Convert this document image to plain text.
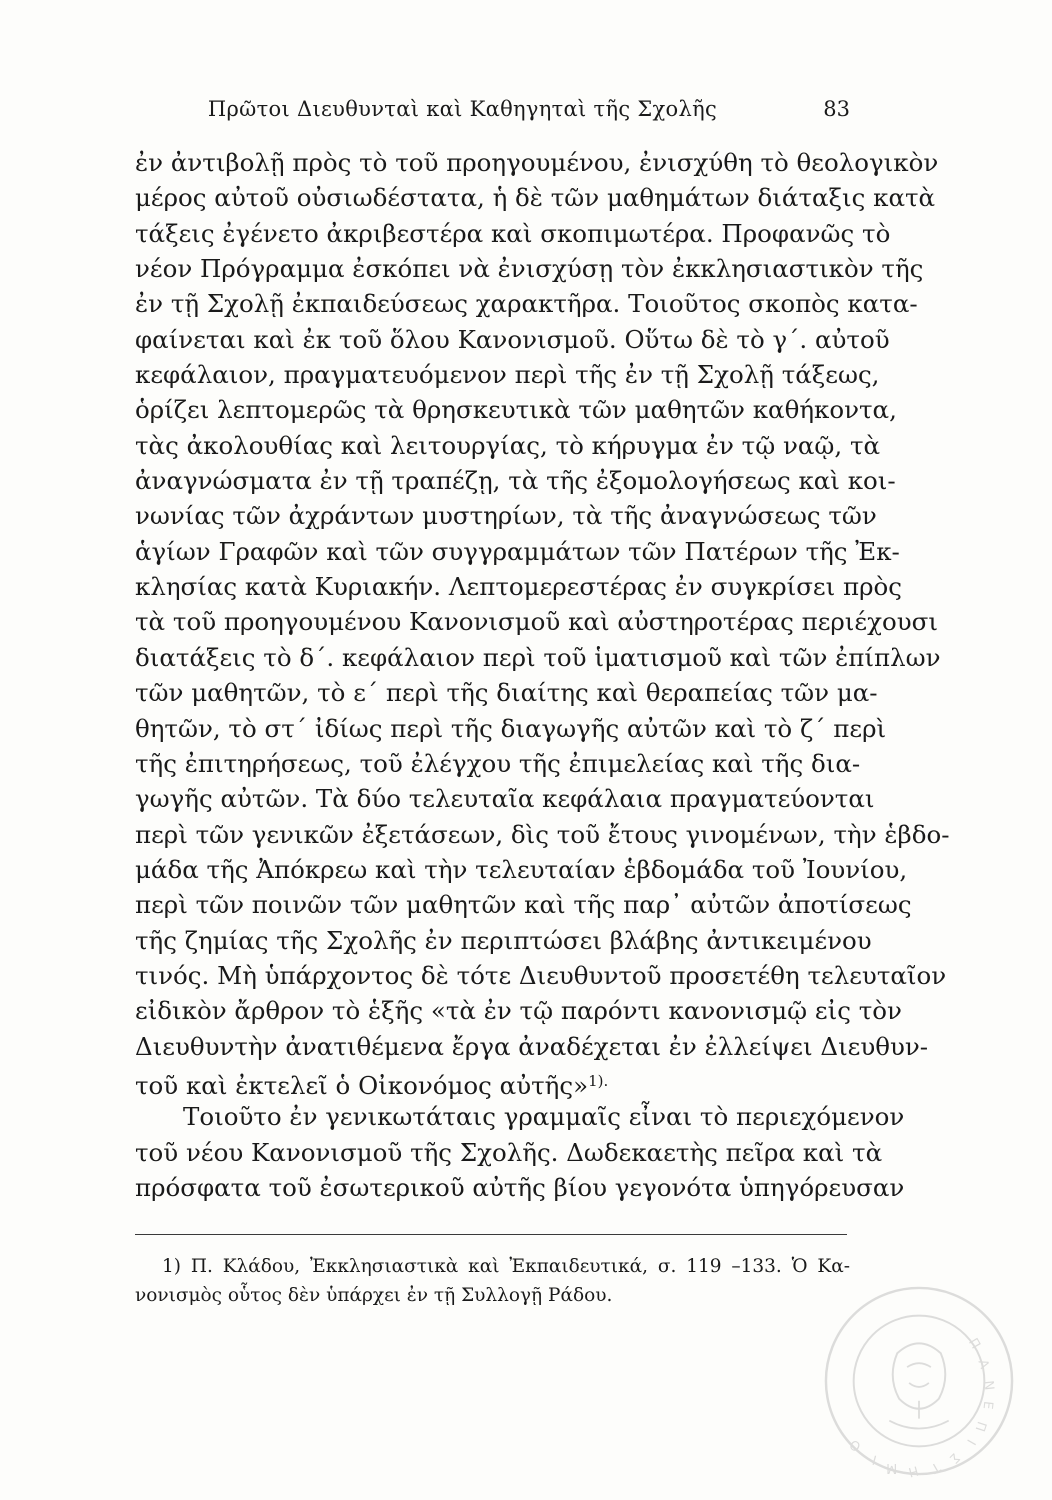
Πρῶτοι Διευθυνταὶ καὶ Καθηγηταὶ τῆς Σχολῆς	83
ἐν ἀντιβολῇ πρὸς τὸ τοῦ προηγουμένου, ἐνισχύθη τὸ θεολογικὸν
μέρος αὐτοῦ οὐσιωδέστατα, ἡ δὲ τῶν μαθημάτων διάταξις κατὰ
τάξεις ἐγένετο ἀκριβεστέρα καὶ σκοπιμωτέρα. Προφανῶς τὸ
νέον Πρόγραμμα ἐσκόπει νὰ ἐνισχύσῃ τὸν ἐκκλησιαστικὸν τῆς
ἐν τῇ Σχολῇ ἐκπαιδεύσεως χαρακτῆρα. Τοιοῦτος σκοπὸς κατα-
φαίνεται καὶ ἐκ τοῦ ὅλου Κανονισμοῦ. Οὕτω δὲ τὸ γ΄. αὐτοῦ
κεφάλαιον, πραγματευόμενον περὶ τῆς ἐν τῇ Σχολῇ τάξεως,
ὁρίζει λεπτομερῶς τὰ θρησκευτικὰ τῶν μαθητῶν καθήκοντα,
τὰς ἀκολουθίας καὶ λειτουργίας, τὸ κήρυγμα ἐν τῷ ναῷ, τὰ
ἀναγνώσματα ἐν τῇ τραπέζῃ, τὰ τῆς ἐξομολογήσεως καὶ κοι-
νωνίας τῶν ἀχράντων μυστηρίων, τὰ τῆς ἀναγνώσεως τῶν
ἁγίων Γραφῶν καὶ τῶν συγγραμμάτων τῶν Πατέρων τῆς Ἐκ-
κλησίας κατὰ Κυριακήν. Λεπτομερεστέρας ἐν συγκρίσει πρὸς
τὰ τοῦ προηγουμένου Κανονισμοῦ καὶ αὐστηροτέρας περιέχουσι
διατάξεις τὸ δ΄. κεφάλαιον περὶ τοῦ ἱματισμοῦ καὶ τῶν ἐπίπλων
τῶν μαθητῶν, τὸ ε΄ περὶ τῆς διαίτης καὶ θεραπείας τῶν μα-
θητῶν, τὸ στ΄ ἰδίως περὶ τῆς διαγωγῆς αὐτῶν καὶ τὸ ζ΄ περὶ
τῆς ἐπιτηρήσεως, τοῦ ἐλέγχου τῆς ἐπιμελείας καὶ τῆς δια-
γωγῆς αὐτῶν. Τὰ δύο τελευταῖα κεφάλαια πραγματεύονται
περὶ τῶν γενικῶν ἐξετάσεων, δὶς τοῦ ἔτους γινομένων, τὴν ἑβδο-
μάδα τῆς Ἀπόκρεω καὶ τὴν τελευταίαν ἑβδομάδα τοῦ Ἰουνίου,
περὶ τῶν ποινῶν τῶν μαθητῶν καὶ τῆς παρ᾽ αὐτῶν ἀποτίσεως
τῆς ζημίας τῆς Σχολῆς ἐν περιπτώσει βλάβης ἀντικειμένου
τινός. Μὴ ὑπάρχοντος δὲ τότε Διευθυντοῦ προσετέθη τελευταῖον
εἰδικὸν ἄρθρον τὸ ἑξῆς «τὰ ἐν τῷ παρόντι κανονισμῷ εἰς τὸν
Διευθυντὴν ἀνατιθέμενα ἔργα ἀναδέχεται ἐν ἐλλείψει Διευθυν-
τοῦ καὶ ἐκτελεῖ ὁ Οἰκονόμος αὐτῆς»$^{1).}$
Τοιοῦτο ἐν γενικωτάταις γραμμαῖς εἶναι τὸ περιεχόμενον
τοῦ νέου Κανονισμοῦ τῆς Σχολῆς. Δωδεκαετὴς πεῖρα καὶ τὰ
πρόσφατα τοῦ ἐσωτερικοῦ αὐτῆς βίου γεγονότα ὑπηγόρευσαν
1) Π. Κλάδου, Ἐκκλησιαστικὰ καὶ Ἐκπαιδευτικά, σ. 119 –133. Ὁ Κα-
νονισμὸς οὗτος δὲν ὑπάρχει ἐν τῇ Συλλογῇ Ράδου.
Π
Α
Ν
Ε
Π
Ι
Σ
Τ
Η
Μ
Ι
Ο
